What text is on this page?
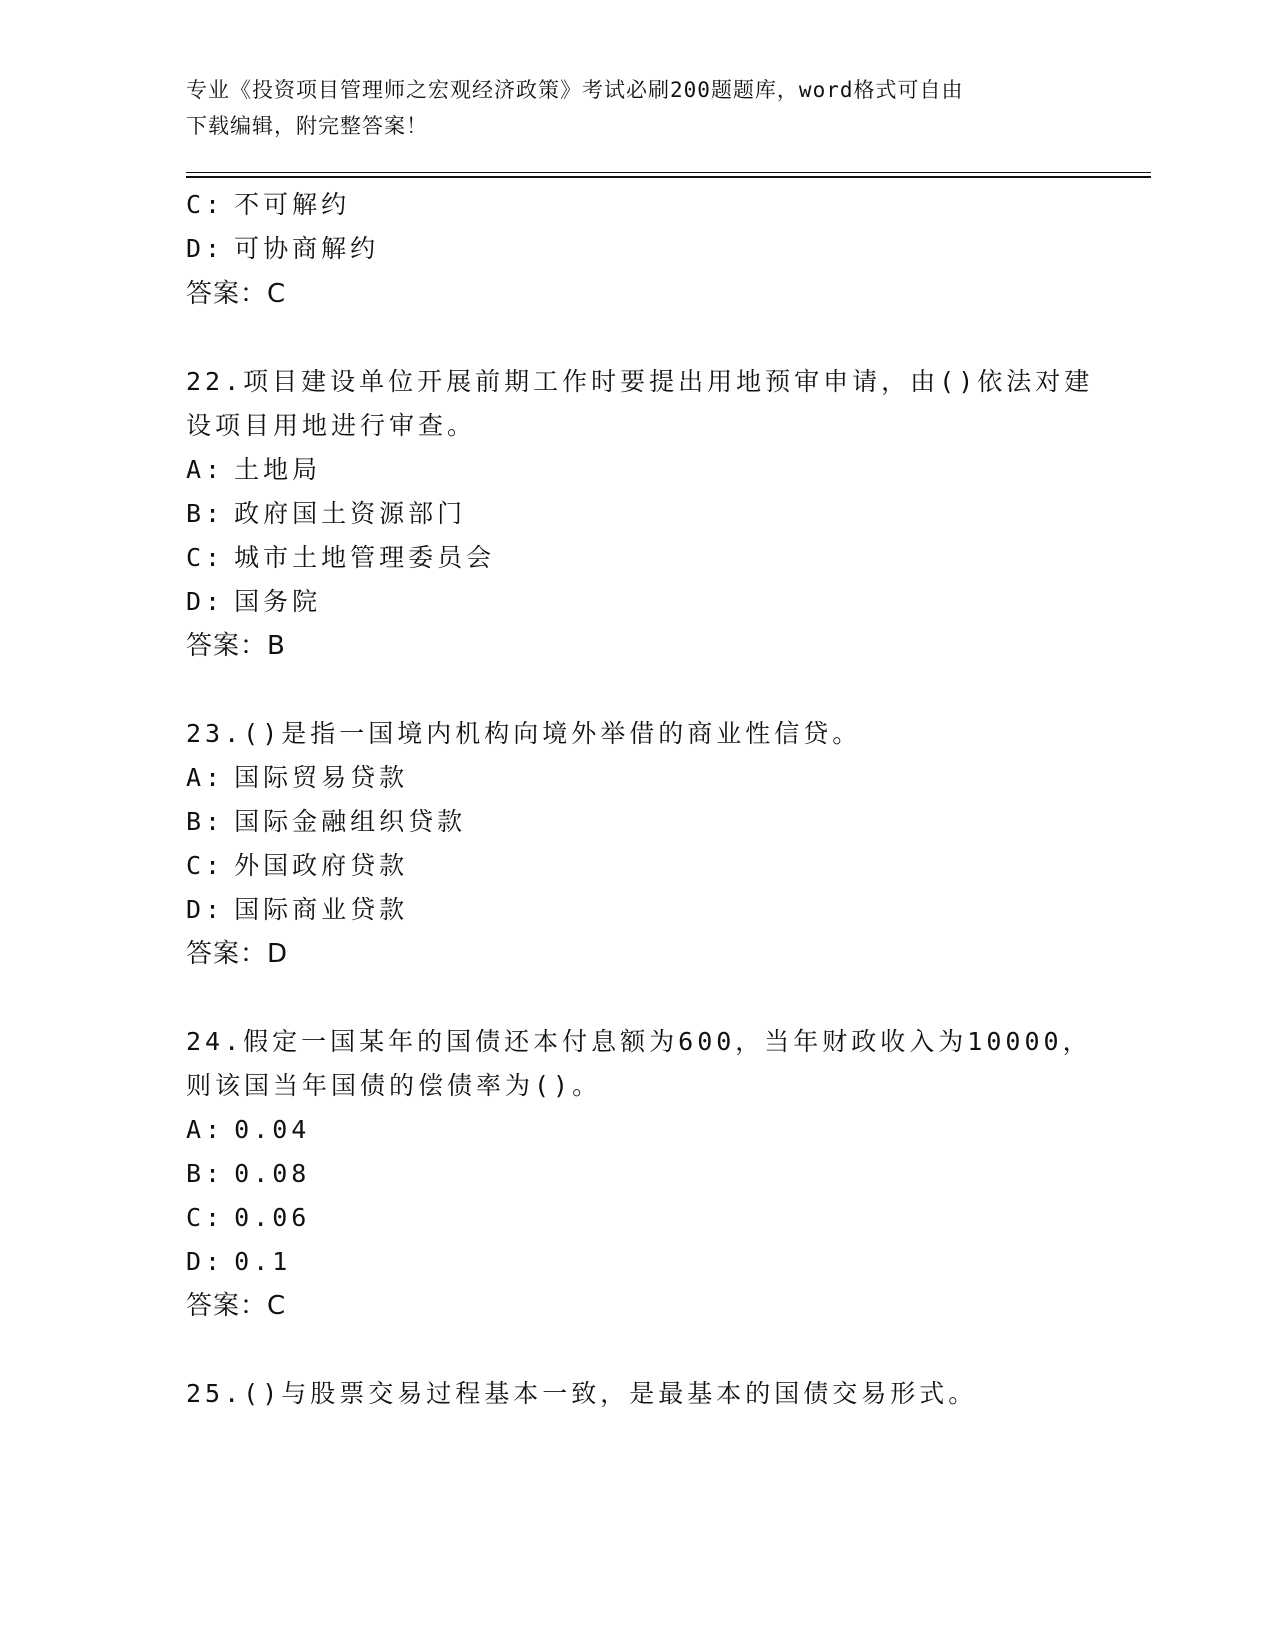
专业《投资项目管理师之宏观经济政策》考试必刷200题题库，word格式可自由
下载编辑，附完整答案！
C: 不可解约
D: 可协商解约
答案：C
22.项目建设单位开展前期工作时要提出用地预审申请，由()依法对建
设项目用地进行审查。
A: 土地局
B: 政府国土资源部门
C: 城市土地管理委员会
D: 国务院
答案：B
23.()是指一国境内机构向境外举借的商业性信贷。
A: 国际贸易贷款
B: 国际金融组织贷款
C: 外国政府贷款
D: 国际商业贷款
答案：D
24.假定一国某年的国债还本付息额为600，当年财政收入为10000，
则该国当年国债的偿债率为()。
A: 0.04
B: 0.08
C: 0.06
D: 0.1
答案：C
25.()与股票交易过程基本一致，是最基本的国债交易形式。
